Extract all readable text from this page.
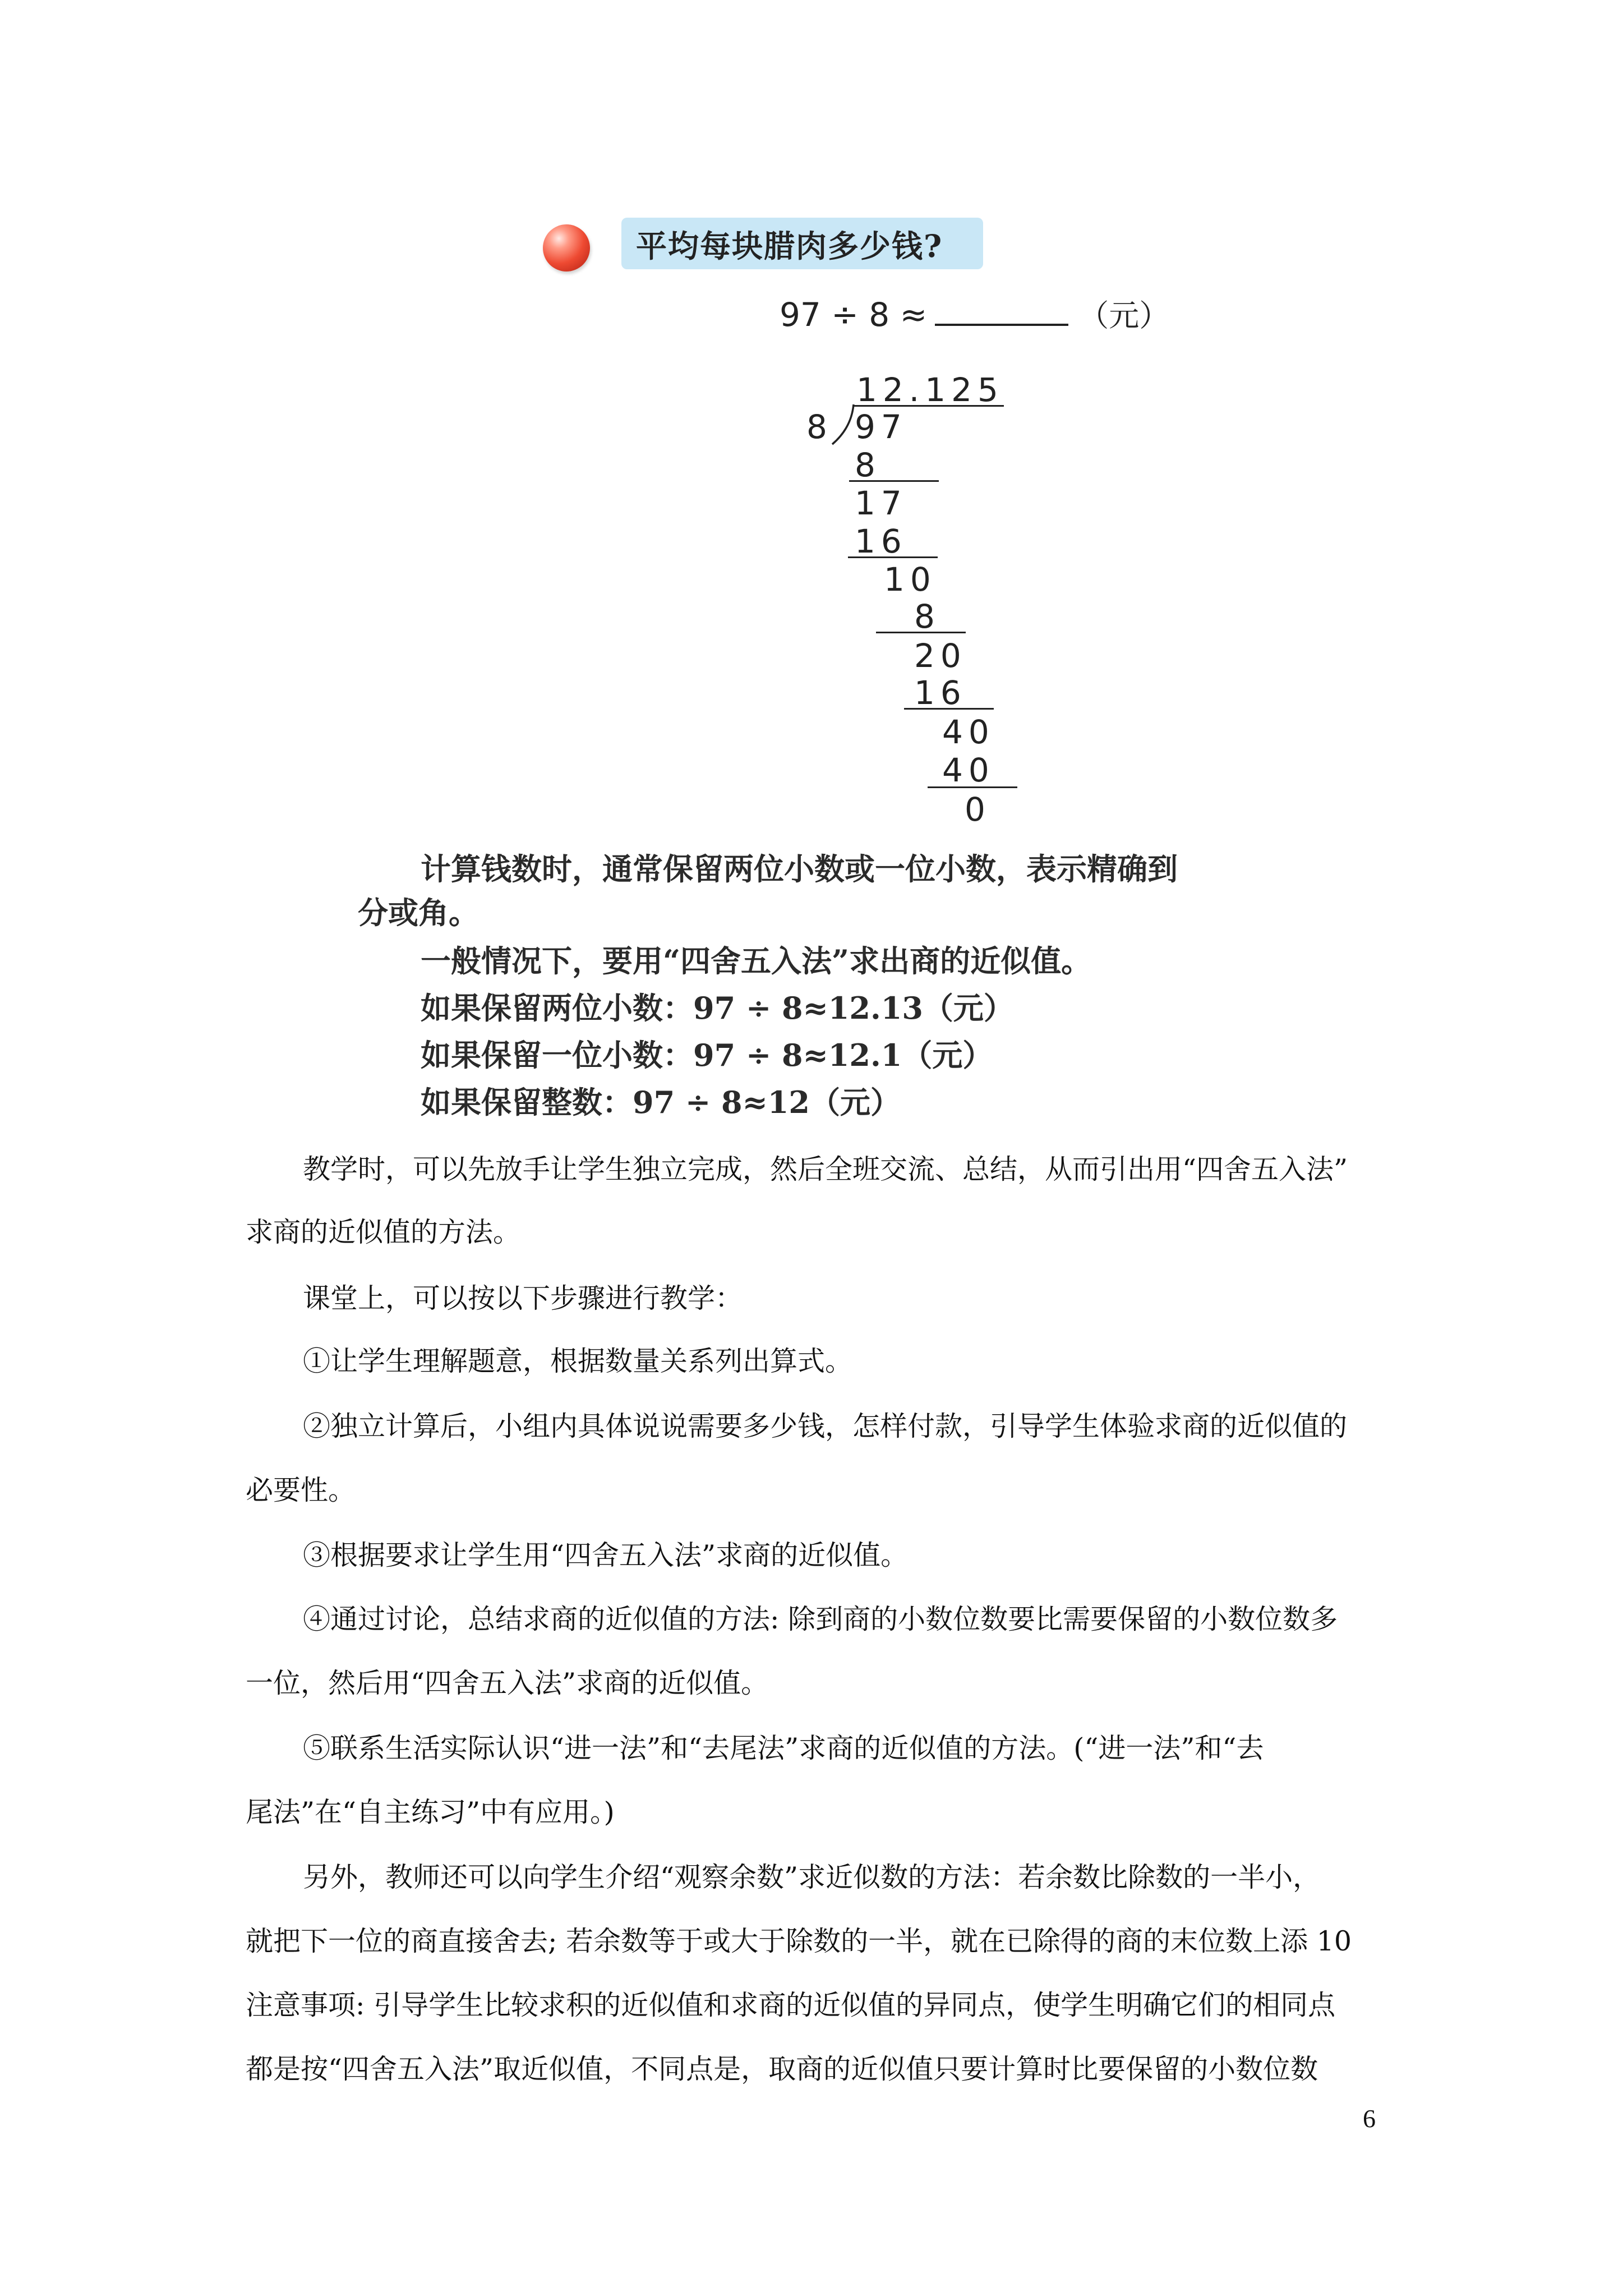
平均每块腊肉多少钱?
97 ÷ 8 ≈	（元）
12.125
8 97
8
17
16
10
8
20
16
40
40
0
计算钱数时，通常保留两位小数或一位小数，表示精确到
分或角。
一般情况下，要用“四舍五入法”求出商的近似值。
如果保留两位小数：97 ÷ 8≈12.13（元）
如果保留一位小数：97 ÷ 8≈12.1（元）
如果保留整数：97 ÷ 8≈12（元）
教学时，可以先放手让学生独立完成，然后全班交流、总结，从而引出用“四舍五入法”
求商的近似值的方法。
课堂上，可以按以下步骤进行教学：
①让学生理解题意，根据数量关系列出算式。
②独立计算后，小组内具体说说需要多少钱，怎样付款，引导学生体验求商的近似值的
必要性。
③根据要求让学生用“四舍五入法”求商的近似值。
④通过讨论，总结求商的近似值的方法: 除到商的小数位数要比需要保留的小数位数多
一位，然后用“四舍五入法”求商的近似值。
⑤联系生活实际认识“进一法”和“去尾法”求商的近似值的方法。(“进一法”和“去
尾法”在“自主练习”中有应用。)
另外，教师还可以向学生介绍“观察余数”求近似数的方法：若余数比除数的一半小，
就把下一位的商直接舍去; 若余数等于或大于除数的一半，就在已除得的商的末位数上添 10
注意事项: 引导学生比较求积的近似值和求商的近似值的异同点，使学生明确它们的相同点
都是按“四舍五入法”取近似值，不同点是，取商的近似值只要计算时比要保留的小数位数
6
